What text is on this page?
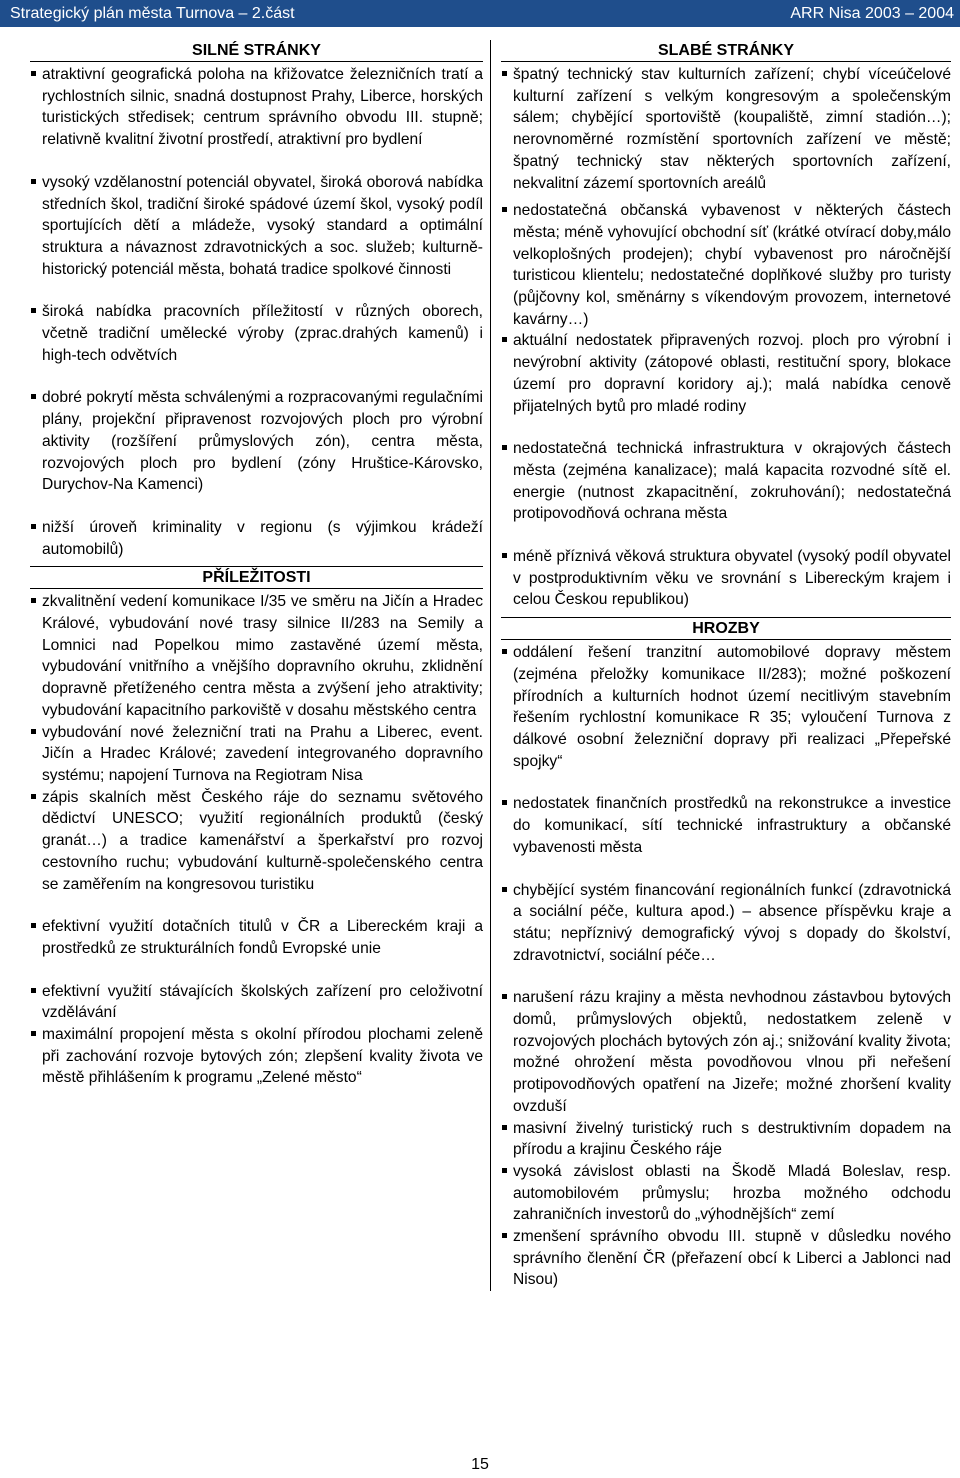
Strategický plán města Turnova – 2.část	ARR Nisa 2003 – 2004
SILNÉ STRÁNKY
atraktivní geografická poloha na křižovatce železničních tratí a rychlostních silnic, snadná dostupnost Prahy, Liberce, horských turistických středisek; centrum správního obvodu III. stupně; relativně kvalitní životní prostředí, atraktivní pro bydlení
vysoký vzdělanostní potenciál obyvatel, široká oborová nabídka středních škol, tradiční široké spádové území škol, vysoký podíl sportujících dětí a mládeže, vysoký standard a optimální struktura a návaznost zdravotnických a soc. služeb; kulturně-historický potenciál města, bohatá tradice spolkové činnosti
široká nabídka pracovních příležitostí v různých oborech, včetně tradiční umělecké výroby (zprac.drahých kamenů) i high-tech odvětvích
dobré pokrytí města schválenými a rozpracovanými regulačními plány, projekční připravenost rozvojových ploch pro výrobní aktivity (rozšíření průmyslových zón), centra města, rozvojových ploch pro bydlení (zóny Hruštice-Károvsko, Durychov-Na Kamenci)
nižší úroveň kriminality v regionu (s výjimkou krádeží automobilů)
PŘÍLEŽITOSTI
zkvalitnění vedení komunikace I/35 ve směru na Jičín a Hradec Králové, vybudování nové trasy silnice II/283 na Semily a Lomnici nad Popelkou mimo zastavěné území města, vybudování vnitřního a vnějšího dopravního okruhu, zklidnění dopravně přetíženého centra města a zvýšení jeho atraktivity; vybudování kapacitního parkoviště v dosahu městského centra
vybudování nové železniční trati na Prahu a Liberec, event. Jičín a Hradec Králové; zavedení integrovaného dopravního systému; napojení Turnova na Regiotram Nisa
zápis skalních měst Českého ráje do seznamu světového dědictví UNESCO; využití regionálních produktů (český granát…) a tradice kamenářství a šperkařství pro rozvoj cestovního ruchu; vybudování kulturně-společenského centra se zaměřením na kongresovou turistiku
efektivní využití dotačních titulů v ČR a Libereckém kraji a prostředků ze strukturálních fondů Evropské unie
efektivní využití stávajících školských zařízení pro celoživotní vzdělávání
maximální propojení města s okolní přírodou plochami zeleně při zachování rozvoje bytových zón; zlepšení kvality života ve městě přihlášením k programu „Zelené město“
SLABÉ STRÁNKY
špatný technický stav kulturních zařízení; chybí víceúčelové kulturní zařízení s velkým kongresovým a společenským sálem; chybějící sportoviště (koupaliště, zimní stadión…); nerovnoměrné rozmístění sportovních zařízení ve městě; špatný technický stav některých sportovních zařízení, nekvalitní zázemí sportovních areálů
nedostatečná občanská vybavenost v některých částech města; méně vyhovující obchodní síť (krátké otvírací doby,málo velkoplošných prodejen); chybí vybavenost pro náročnější turisticou klientelu; nedostatečné doplňkové služby pro turisty (půjčovny kol, směnárny s víkendovým provozem, internetové kavárny…)
aktuální nedostatek připravených rozvoj. ploch pro výrobní i nevýrobní aktivity (zátopové oblasti, restituční spory, blokace území pro dopravní koridory aj.); malá nabídka cenově přijatelných bytů pro mladé rodiny
nedostatečná technická infrastruktura v okrajových částech města (zejména kanalizace); malá kapacita rozvodné sítě el. energie (nutnost zkapacitnění, zokruhování); nedostatečná protipovodňová ochrana města
méně příznivá věková struktura obyvatel (vysoký podíl obyvatel v postproduktivním věku ve srovnání s Libereckým krajem i celou Českou republikou)
HROZBY
oddálení řešení tranzitní automobilové dopravy městem (zejména přeložky komunikace II/283); možné poškození přírodních a kulturních hodnot území necitlivým stavebním řešením rychlostní komunikace R 35; vyloučení Turnova z dálkové osobní železniční dopravy při realizaci „Přepeřské spojky“
nedostatek finančních prostředků na rekonstrukce a investice do komunikací, sítí technické infrastruktury a občanské vybavenosti města
chybějící systém financování regionálních funkcí (zdravotnická a sociální péče, kultura apod.) – absence příspěvku kraje a státu; nepříznivý demografický vývoj s dopady do školství, zdravotnictví, sociální péče…
narušení rázu krajiny a města nevhodnou zástavbou bytových domů, průmyslových objektů, nedostatkem zeleně v rozvojových plochách bytových zón aj.; snižování kvality života; možné ohrožení města povodňovou vlnou při neřešení protipovodňových opatření na Jizeře; možné zhoršení kvality ovzduší
masivní živelný turistický ruch s destruktivním dopadem na přírodu a krajinu Českého ráje
vysoká závislost oblasti na Škodě Mladá Boleslav, resp. automobilovém průmyslu; hrozba možného odchodu zahraničních investorů do „výhodnějších“ zemí
zmenšení správního obvodu III. stupně v důsledku nového správního členění ČR (přeřazení obcí k Liberci a Jablonci nad Nisou)
15
